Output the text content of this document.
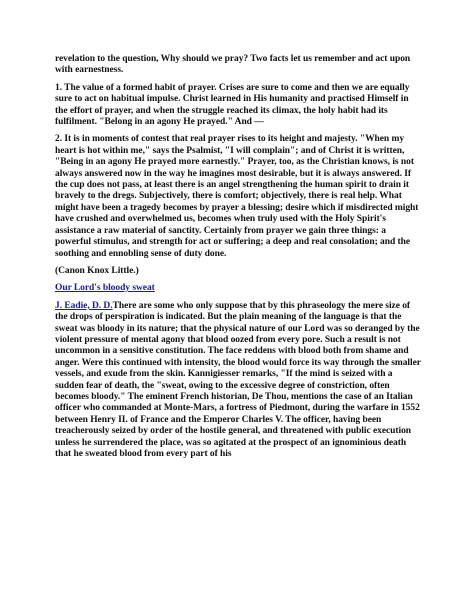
revelation to the question, Why should we pray? Two facts let us remember and act upon with earnestness.

1. The value of a formed habit of prayer. Crises are sure to come and then we are equally sure to act on habitual impulse. Christ learned in His humanity and practised Himself in the effort of prayer, and when the struggle reached its climax, the holy habit had its fulfilment. "Belong in an agony He prayed." And —

2. It is in moments of contest that real prayer rises to its height and majesty. "When my heart is hot within me," says the Psalmist, "I will complain"; and of Christ it is written, "Being in an agony He prayed more earnestly." Prayer, too, as the Christian knows, is not always answered now in the way he imagines most desirable, but it is always answered. If the cup does not pass, at least there is an angel strengthening the human spirit to drain it bravely to the dregs. Subjectively, there is comfort; objectively, there is real help. What might have been a tragedy becomes by prayer a blessing; desire which if misdirected might have crushed and overwhelmed us, becomes when truly used with the Holy Spirit's assistance a raw material of sanctity. Certainly from prayer we gain three things: a powerful stimulus, and strength for act or suffering; a deep and real consolation; and the soothing and ennobling sense of duty done.

(Canon Knox Little.)

Our Lord's bloody sweat

J. Eadie, D. D.There are some who only suppose that by this phraseology the mere size of the drops of perspiration is indicated. But the plain meaning of the language is that the sweat was bloody in its nature; that the physical nature of our Lord was so deranged by the violent pressure of mental agony that blood oozed from every pore. Such a result is not uncommon in a sensitive constitution. The face reddens with blood both from shame and anger. Were this continued with intensity, the blood would force its way through the smaller vessels, and exude from the skin. Kannigiesser remarks, "If the mind is seized with a sudden fear of death, the "sweat, owing to the excessive degree of constriction, often becomes bloody." The eminent French historian, De Thou, mentions the case of an Italian officer who commanded at Monte-Mars, a fortress of Piedmont, during the warfare in 1552 between Henry II. of France and the Emperor Charles V. The officer, having been treacherously seized by order of the hostile general, and threatened with public execution unless he surrendered the place, was so agitated at the prospect of an ignominious death that he sweated blood from every part of his
